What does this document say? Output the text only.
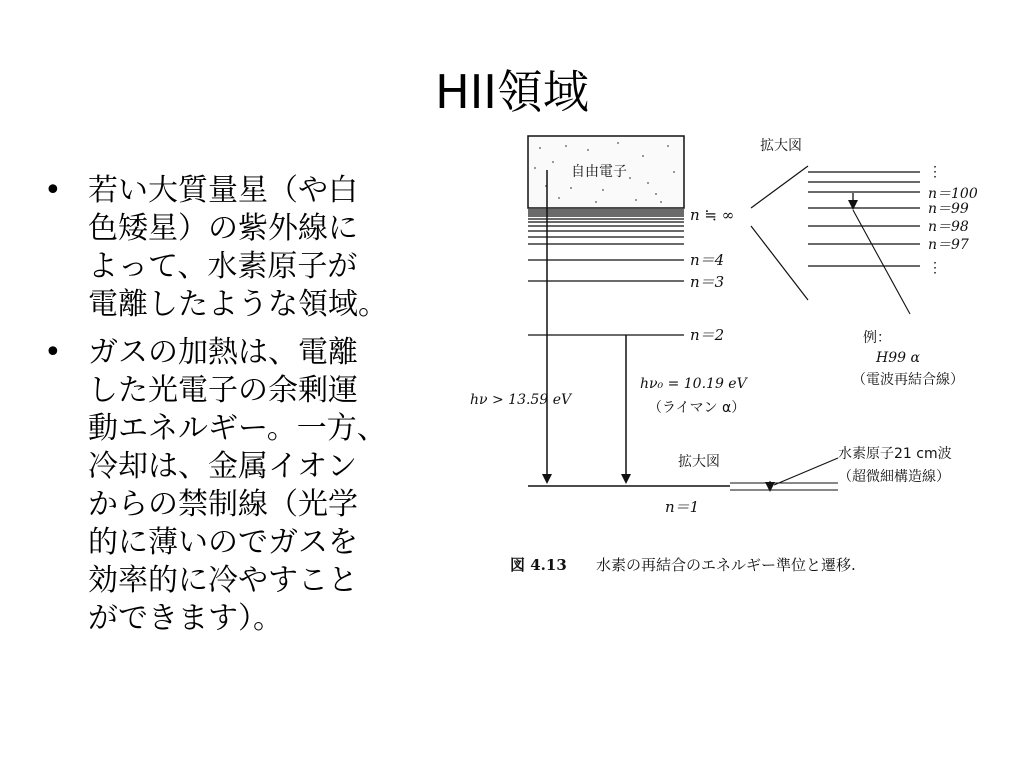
HII領域
• 若い大質量星（や白
色矮星）の紫外線に
よって、水素原子が
電離したような領域。
• ガスの加熱は、電離
した光電子の余剰運
動エネルギー。一方、
冷却は、金属イオン
からの禁制線（光学
的に薄いのでガスを
効率的に冷やすこと
ができます）。
自由電子
n ≒ ∞
n＝4
n＝3
n＝2
n＝1
hν > 13.59 eV
hν₀ = 10.19 eV
（ライマン α）
拡大図
⋮
n＝100
n＝99
n＝98
n＝97
⋮
例：
H99 α
（電波再結合線）
拡大図	水素原子21 cm波
（超微細構造線）
図 4.13 水素の再結合のエネルギー準位と遷移.
